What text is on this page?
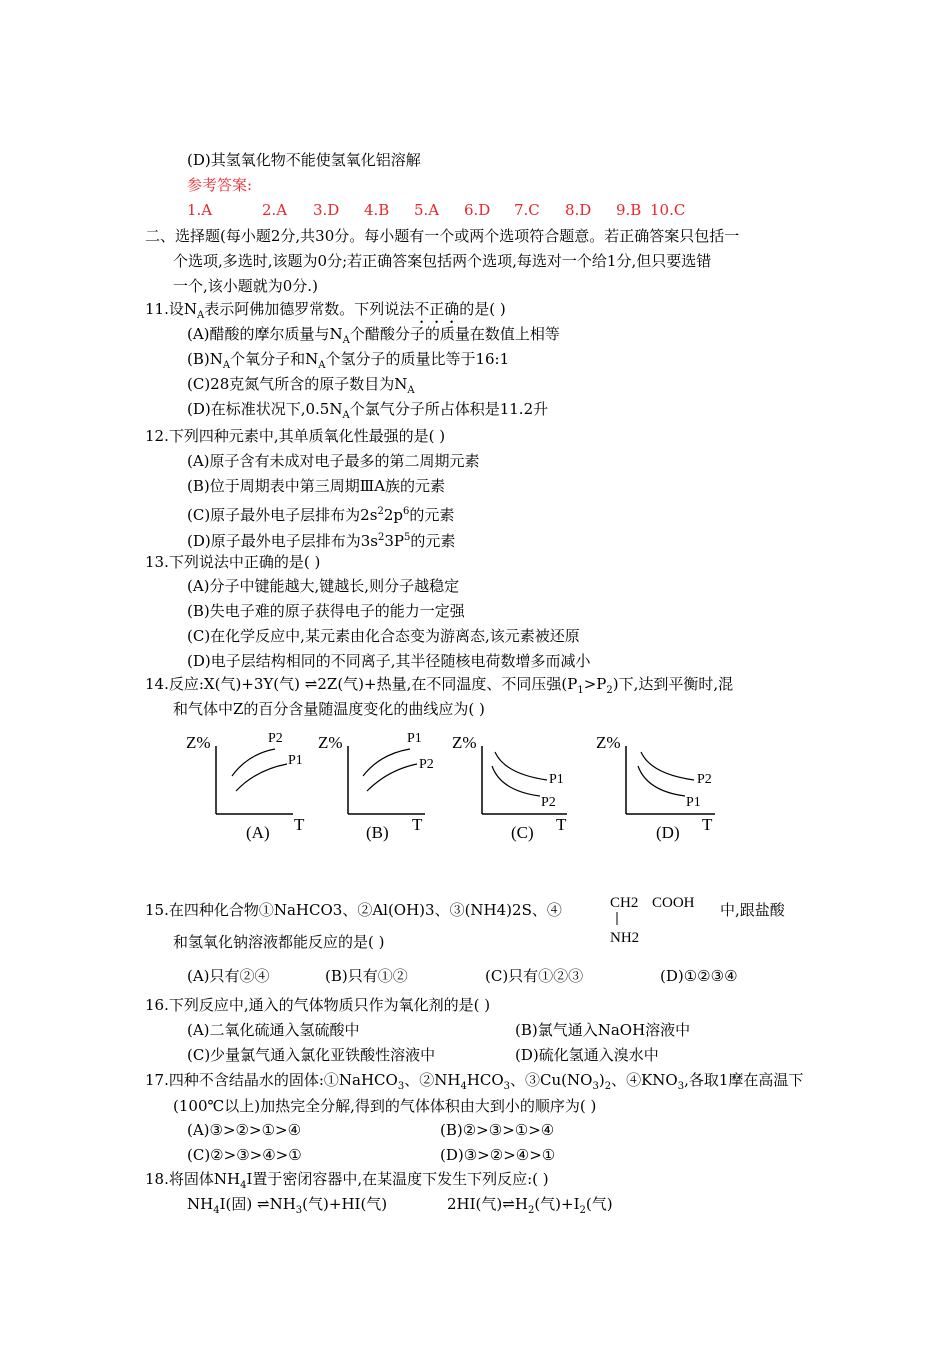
(D)其氢氧化物不能使氢氧化铝溶解
参考答案:
1.A	2.A 3.D 4.B 5.A 6.D 7.C 8.D 9.B 10.C
二、选择题(每小题2分,共30分。每小题有一个或两个选项符合题意。若正确答案只包括一
个选项,多选时,该题为0分;若正确答案包括两个选项,每选对一个给1分,但只要选错
一个,该小题就为0分.)
11.设$N_A$表示阿佛加德罗常数。下列说法不正确的是( )
(A)醋酸的摩尔质量与$N_A$个醋酸分子的质量在数值上相等
$(B)N_A$个氧分子和$N_A$个氢分子的质量比等于16:1
(C)28克氮气所含的原子数目为$N_A$
(D)在标准状况下$,0.5N_A$个氯气分子所占体积是11.2升
12.下列四种元素中,其单质氧化性最强的是( )
(A)原子含有未成对电子最多的第二周期元素
(B)位于周期表中第三周期ⅢA族的元素
(C)原子最外电子层排布为$2s^22p^6$的元素
(D)原子最外电子层排布为$3s^23P^5$的元素
13.下列说法中正确的是( )
(A)分子中键能越大,键越长,则分子越稳定
(B)失电子难的原子获得电子的能力一定强
(C)在化学反应中,某元素由化合态变为游离态,该元素被还原
(D)电子层结构相同的不同离子,其半径随核电荷数增多而减小
14.反应:X(气)+3Y(气) ⇌2Z(气)+热量,在不同温度、不同压强$(P_1>P_2)$下,达到平衡时,混
和气体中Z的百分含量随温度变化的曲线应为( )
Z%
T
P2
P1
(A)
Z%
T
P1
P2
(B)
Z%
T
P1
P2
(C)
Z%
T
P2
P1
(D)
15.在四种化合物①NaHCO3、②Al(OH)3、③(NH4)2S、④	CH2 COOH
NH2
中,跟盐酸
和氢氧化钠溶液都能反应的是( )
(A)只有②④	(B)只有①②	(C)只有①②③	(D)①②③④
16.下列反应中,通入的气体物质只作为氧化剂的是( )
(A)二氧化硫通入氢硫酸中	(B)氯气通入NaOH溶液中
(C)少量氯气通入氯化亚铁酸性溶液中	(D)硫化氢通入溴水中
17.四种不含结晶水的固体:①NaHCO$_3$、$②NH_4HCO_3$、$③Cu(NO_3)_2$、$④KNO_3$,各取1摩在高温下
(100℃以上)加热完全分解,得到的气体体积由大到小的顺序为( )
(A)③>②>①>④	(B)②>③>①>④
(C)②>③>④>①	(D)③>②>④>①
18.将固体$NH_4I$置于密闭容器中,在某温度下发生下列反应:( )
$NH_4I$(固) $\rightleftharpoons NH_3$(气)+HI(气)	2HI(气)$\rightleftharpoons H_2$(气)$+I_2$(气)
